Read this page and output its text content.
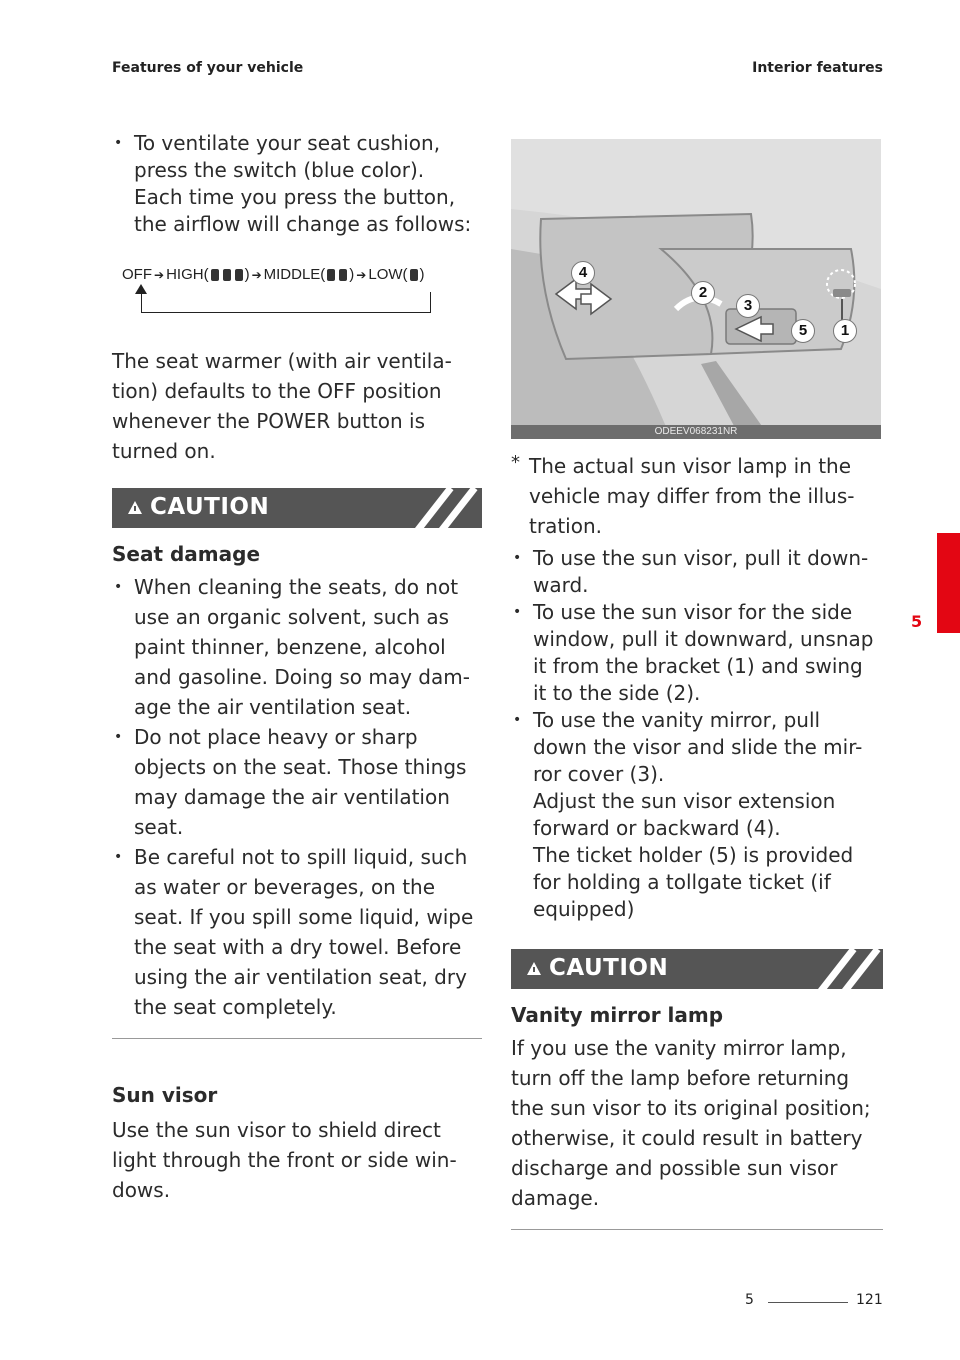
Features of your vehicle	Interior features
• To ventilate your seat cushion,
press the switch (blue color).
Each time you press the button,
the airflow will change as follows:
OFF ➔ HIGH( ) ➔ MIDDLE( ) ➔ LOW( )

The seat warmer (with air ventila-
tion) defaults to the OFF position
whenever the POWER button is
turned on.

CAUTION
Seat damage
• When cleaning the seats, do not
use an organic solvent, such as
paint thinner, benzene, alcohol
and gasoline. Doing so may dam-
age the air ventilation seat.
• Do not place heavy or sharp
objects on the seat. Those things
may damage the air ventilation
seat.
• Be careful not to spill liquid, such
as water or beverages, on the
seat. If you spill some liquid, wipe
the seat with a dry towel. Before
using the air ventilation seat, dry
the seat completely.
Sun visor

Use the sun visor to shield direct
light through the front or side win-
dows.

1
2
3
4
5
ODEEV068231NR
* The actual sun visor lamp in the
vehicle may differ from the illus-
tration.
• To use the sun visor, pull it down-
ward.
• To use the sun visor for the side
window, pull it downward, unsnap
it from the bracket (1) and swing
it to the side (2).
• To use the vanity mirror, pull
down the visor and slide the mir-
ror cover (3).
Adjust the sun visor extension
forward or backward (4).
The ticket holder (5) is provided
for holding a tollgate ticket (if
equipped)
CAUTION
Vanity mirror lamp

If you use the vanity mirror lamp,
turn off the lamp before returning
the sun visor to its original position;
otherwise, it could result in battery
discharge and possible sun visor
damage.

5
5	121
